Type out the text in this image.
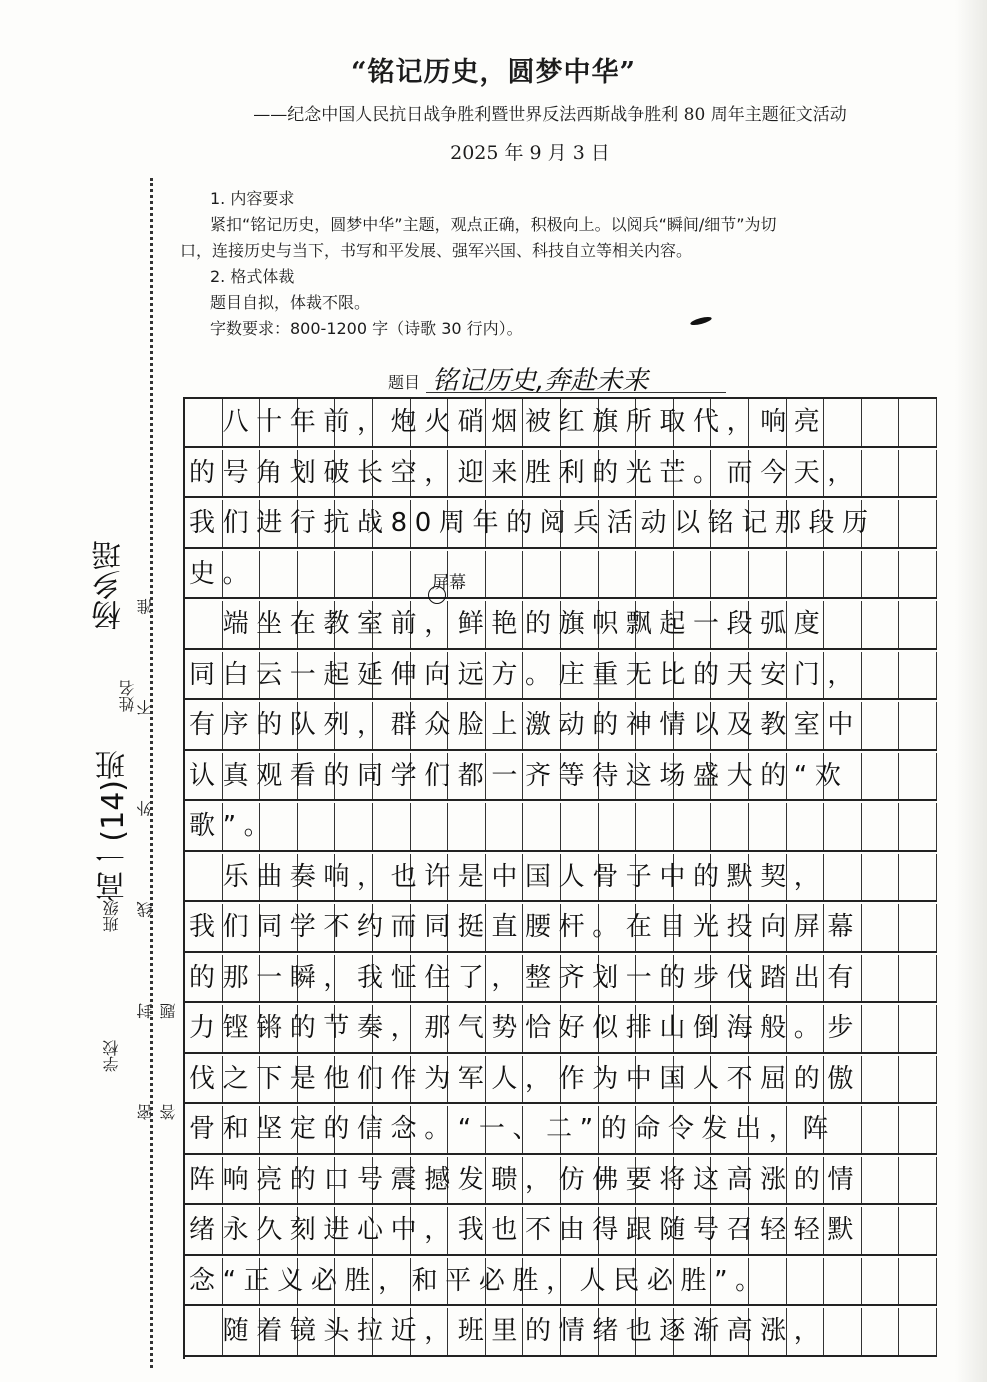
“铭记历史，圆梦中华”
——纪念中国人民抗日战争胜利暨世界反法西斯战争胜利 80 周年主题征文活动
2025 年 9 月 3 日
学校
班级
高一(14)班
姓名
杨乡瑶 密 封 线 外 不 准 答 题

1. 内容要求

紧扣“铭记历史，圆梦中华”主题，观点正确，积极向上。以阅兵“瞬间/细节”为切

口，连接历史与当下，书写和平发展、强军兴国、科技自立等相关内容。

2. 格式体裁

题目自拟，体裁不限。

字数要求：800-1200 字（诗歌 30 行内）。

题目 铭记历史,奔赴未来
　八十年前，炮火硝烟被红旗所取代，响亮
的号角划破长空，迎来胜利的光芒。而今天，
我们进行抗战80周年的阅兵活动以铭记那段历
史。
　端坐在教室前，鲜艳的旗帜飘起一段弧度
同白云一起延伸向远方。庄重无比的天安门，
有序的队列，群众脸上激动的神情以及教室中
认真观看的同学们都一齐等待这场盛大的“欢
歌”。
　乐曲奏响，也许是中国人骨子中的默契，
我们同学不约而同挺直腰杆。在目光投向屏幕
的那一瞬，我怔住了，整齐划一的步伐踏出有
力铿锵的节奏，那气势恰好似排山倒海般。步
伐之下是他们作为军人，作为中国人不屈的傲
骨和坚定的信念。“一、二”的命令发出，阵
阵响亮的口号震撼发聩，仿佛要将这高涨的情
绪永久刻进心中，我也不由得跟随号召轻轻默
念“正义必胜，和平必胜，人民必胜”。
　随着镜头拉近，班里的情绪也逐渐高涨，
屏幕
